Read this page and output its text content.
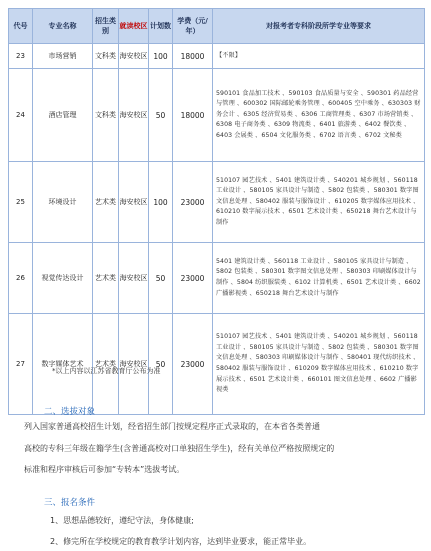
代号	专业名称	招生类别	就读校区	计划数	学费（元/年）	对报考者专科阶段所学专业等要求
23	市场营销	文科类	海安校区	100	18000	【不限】
24	酒店管理	文科类	海安校区	50	18000	590101 食品加工技术 、590103 食品质量与安全 、590301 药品经营与管理 、600302 国际邮轮乘务管理 、600405 空中乘务 、630303 财务会计 、6305 经济贸易类 、6306 工商管理类 、6307 市场营销类 、6308 电子商务类 、6309 物流类 、6401 旅游类 、6402 餐饮类 、6403 会展类 、6504 文化服务类 、6702 语言类 、6702 文秘类
25	环境设计	艺术类	海安校区	100	23000	510107 园艺技术 、5401 建筑设计类 、540201 城乡规划 、560118 工业设计 、580105 家具设计与制造 、5802 包装类 、580301 数字图文信息处理 、580402 服装与服饰设计 、610205 数字媒体应用技术 、610210 数字展示技术 、6501 艺术设计类 、650218 舞台艺术设计与制作
26	视觉传达设计	艺术类	海安校区	50	23000	5401 建筑设计类 、560118 工业设计 、580105 家具设计与制造 、5802 包装类 、580301 数字图文信息处理 、580303 印刷媒体设计与制作 、5804 纺织服装类 、6102 计算机类 、6501 艺术设计类 、6602 广播影视类 、650218 舞台艺术设计与制作
27	数字媒体艺术	艺术类	海安校区	50	23000	510107 园艺技术 、5401 建筑设计类 、540201 城乡规划 、560118 工业设计 、580105 家具设计与制造 、5802 包装类 、580301 数字图文信息处理 、580303 印刷媒体设计与制作 、580401 现代纺织技术 、580402 服装与服饰设计 、610209 数字媒体应用技术 、610210 数字展示技术 、6501 艺术设计类 、660101 图文信息处理 、6602 广播影视类
*以上内容以江苏省教育厅公布为准
二、选拔对象
列入国家普通高校招生计划，经省招生部门按规定程序正式录取的，在本省各类普通
高校的专科三年级在籍学生(含普通高校对口单独招生学生)，经有关单位严格按照规定的
标准和程序审核后可参加“专转本”选拔考试。
三、报名条件
1、思想品德较好，遵纪守法，身体健康;
2、修完所在学校规定的教育教学计划内容，达到毕业要求，能正常毕业。
